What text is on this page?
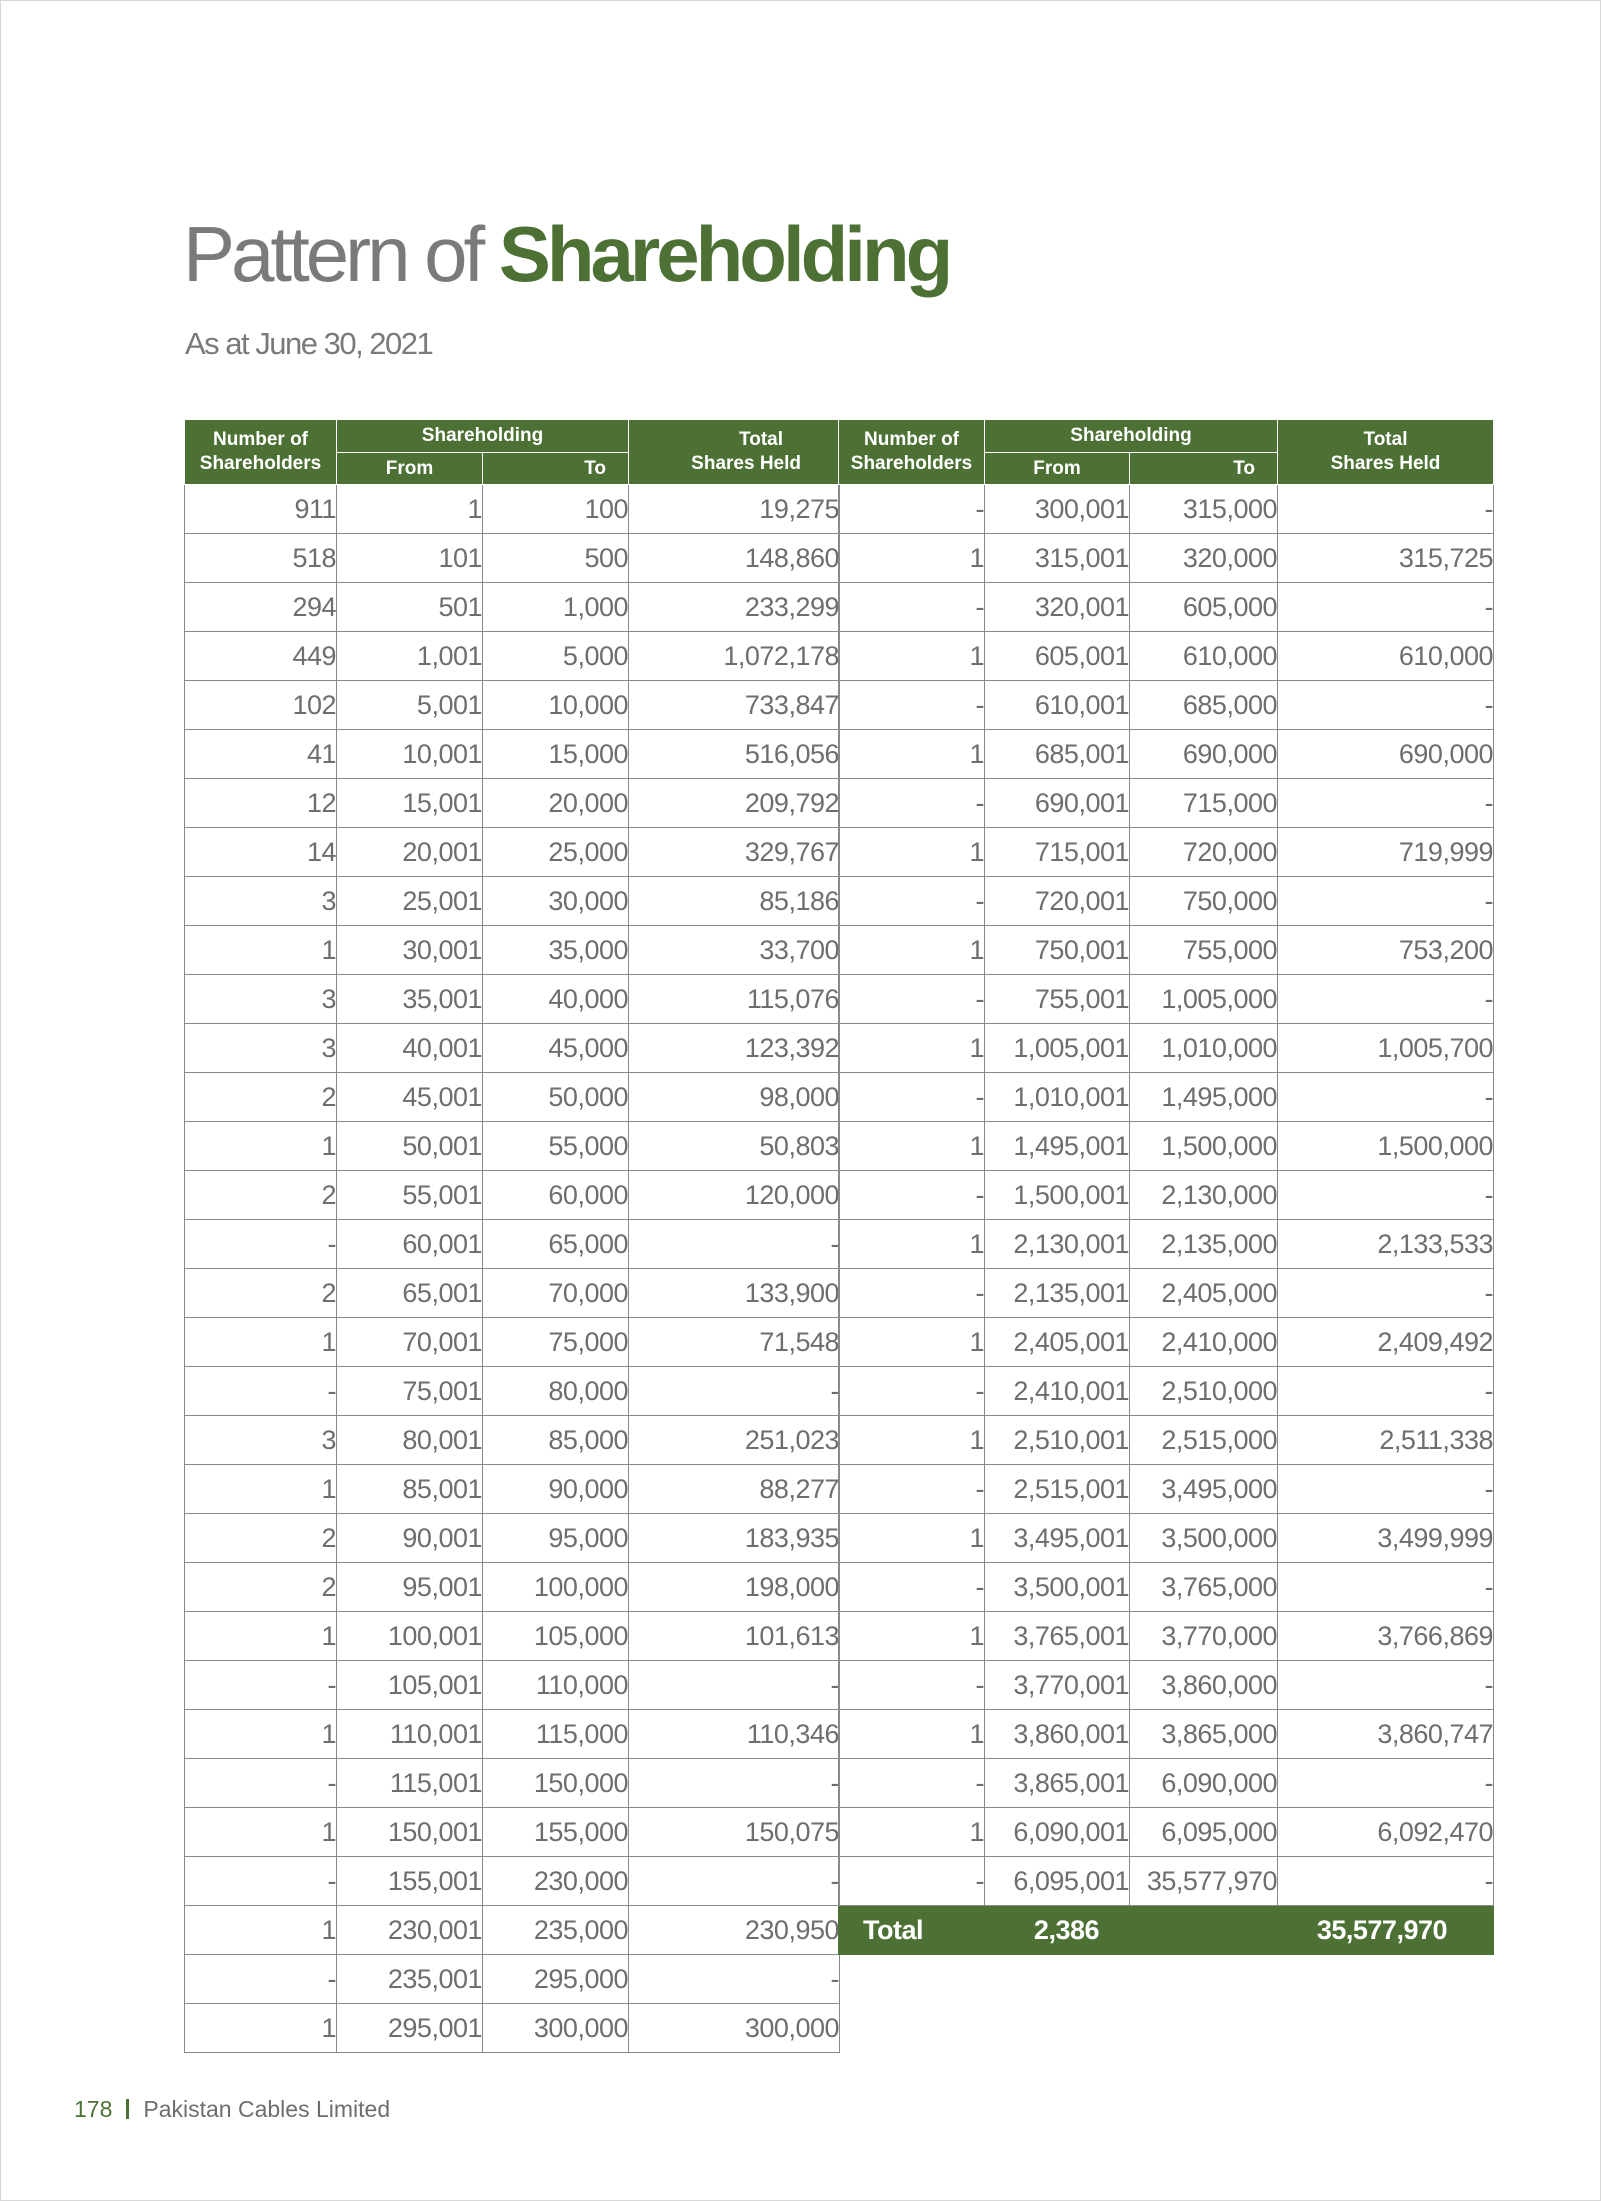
Pattern of Shareholding
As at June 30, 2021
Number of
Shareholders	Shareholding		Total
Shares Held
	From	To	
911	1	100	19,275
518	101	500	148,860
294	501	1,000	233,299
449	1,001	5,000	1,072,178
102	5,001	10,000	733,847
41	10,001	15,000	516,056
12	15,001	20,000	209,792
14	20,001	25,000	329,767
3	25,001	30,000	85,186
1	30,001	35,000	33,700
3	35,001	40,000	115,076
3	40,001	45,000	123,392
2	45,001	50,000	98,000
1	50,001	55,000	50,803
2	55,001	60,000	120,000
-	60,001	65,000	-
2	65,001	70,000	133,900
1	70,001	75,000	71,548
-	75,001	80,000	-
3	80,001	85,000	251,023
1	85,001	90,000	88,277
2	90,001	95,000	183,935
2	95,001	100,000	198,000
1	100,001	105,000	101,613
-	105,001	110,000	-
1	110,001	115,000	110,346
-	115,001	150,000	-
1	150,001	155,000	150,075
-	155,001	230,000	-
1	230,001	235,000	230,950
-	235,001	295,000	-
1	295,001	300,000	300,000
Number of
Shareholders	Shareholding		Total
Shares Held
	From	To	
-	300,001	315,000	-
1	315,001	320,000	315,725
-	320,001	605,000	-
1	605,001	610,000	610,000
-	610,001	685,000	-
1	685,001	690,000	690,000
-	690,001	715,000	-
1	715,001	720,000	719,999
-	720,001	750,000	-
1	750,001	755,000	753,200
-	755,001	1,005,000	-
1	1,005,001	1,010,000	1,005,700
-	1,010,001	1,495,000	-
1	1,495,001	1,500,000	1,500,000
-	1,500,001	2,130,000	-
1	2,130,001	2,135,000	2,133,533
-	2,135,001	2,405,000	-
1	2,405,001	2,410,000	2,409,492
-	2,410,001	2,510,000	-
1	2,510,001	2,515,000	2,511,338
-	2,515,001	3,495,000	-
1	3,495,001	3,500,000	3,499,999
-	3,500,001	3,765,000	-
1	3,765,001	3,770,000	3,766,869
-	3,770,001	3,860,000	-
1	3,860,001	3,865,000	3,860,747
-	3,865,001	6,090,000	-
1	6,090,001	6,095,000	6,092,470
-	6,095,001	35,577,970	-
Total	2,386		35,577,970
178 Pakistan Cables Limited
